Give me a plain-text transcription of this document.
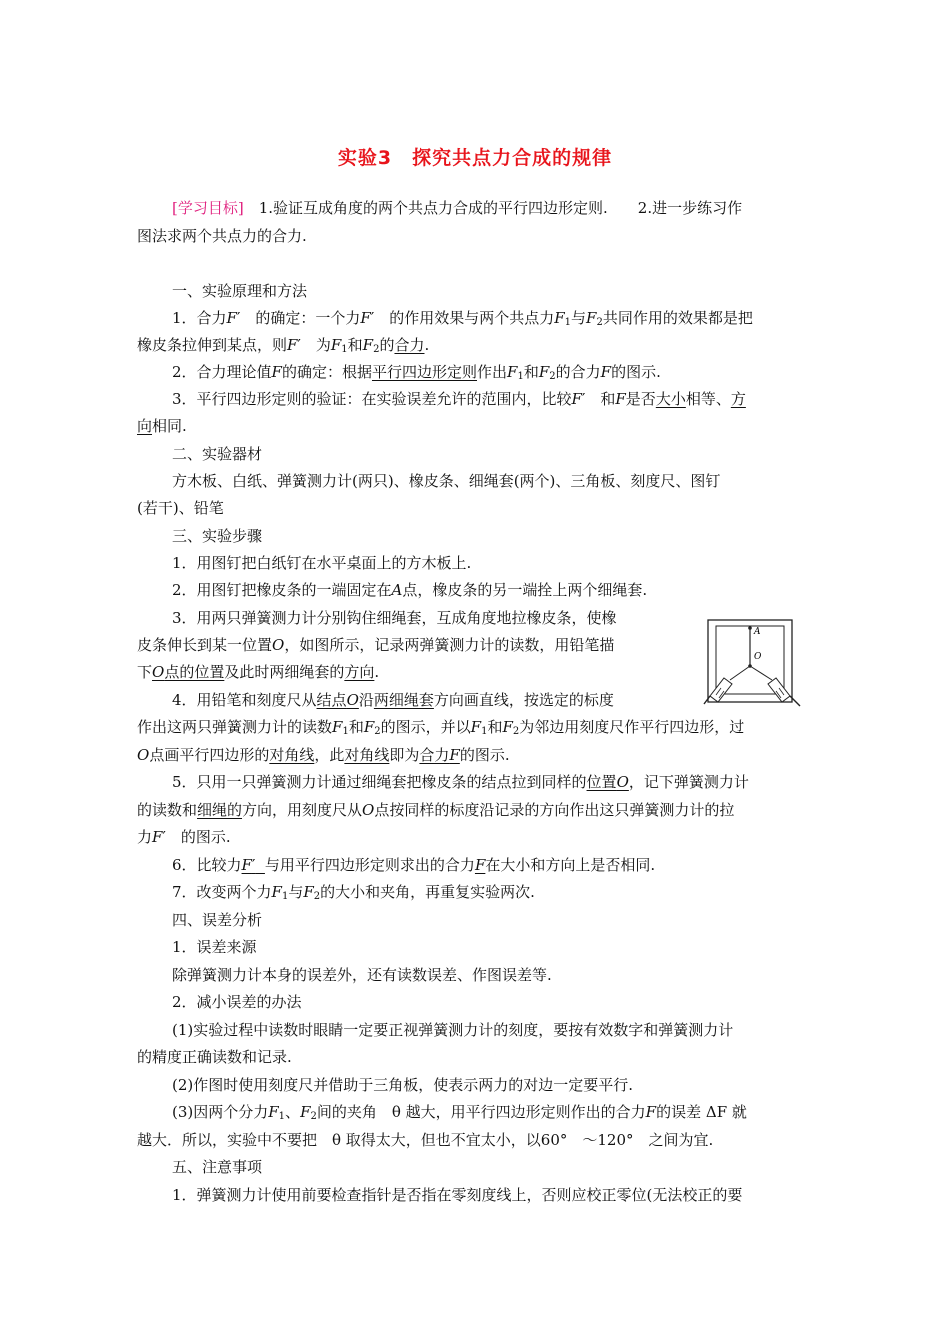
实验3　探究共点力合成的规律
[学习目标]　1.验证互成角度的两个共点力合成的平行四边形定则.　　2.进一步练习作
图法求两个共点力的合力.
一、实验原理和方法
1．合力F′　的确定：一个力F′　的作用效果与两个共点力$F_1$与$F_2$共同作用的效果都是把
橡皮条拉伸到某点，则F′　为$F_1$和$F_2$的合力.
2．合力理论值F的确定：根据平行四边形定则作出$F_1$和$F_2$的合力F的图示.
3．平行四边形定则的验证：在实验误差允许的范围内，比较F′　和F是否大小相等、方
向相同.
二、实验器材
方木板、白纸、弹簧测力计(两只)、橡皮条、细绳套(两个)、三角板、刻度尺、图钉
(若干)、铅笔
三、实验步骤
1．用图钉把白纸钉在水平桌面上的方木板上.
2．用图钉把橡皮条的一端固定在A点，橡皮条的另一端拴上两个细绳套.
3．用两只弹簧测力计分别钩住细绳套，互成角度地拉橡皮条，使橡
皮条伸长到某一位置O，如图所示，记录两弹簧测力计的读数，用铅笔描
下O点的位置及此时两细绳套的方向.
4．用铅笔和刻度尺从结点O沿两细绳套方向画直线，按选定的标度
作出这两只弹簧测力计的读数$F_1$和$F_2$的图示，并以$F_1$和$F_2$为邻边用刻度尺作平行四边形，过
O点画平行四边形的对角线，此对角线即为合力F的图示.
5．只用一只弹簧测力计通过细绳套把橡皮条的结点拉到同样的位置O，记下弹簧测力计
的读数和细绳的方向，用刻度尺从O点按同样的标度沿记录的方向作出这只弹簧测力计的拉
力F′　的图示.
6．比较力F′ 与用平行四边形定则求出的合力F在大小和方向上是否相同.
7．改变两个力$F_1$与$F_2$的大小和夹角，再重复实验两次.
四、误差分析
1．误差来源
除弹簧测力计本身的误差外，还有读数误差、作图误差等.
2．减小误差的办法
(1)实验过程中读数时眼睛一定要正视弹簧测力计的刻度，要按有效数字和弹簧测力计
的精度正确读数和记录.
(2)作图时使用刻度尺并借助于三角板，使表示两力的对边一定要平行.
(3)因两个分力$F_1$、$F_2$间的夹角　θ 越大，用平行四边形定则作出的合力F的误差 ΔF 就
越大．所以，实验中不要把　θ 取得太大，但也不宜太小，以60°　～120°　之间为宜.
五、注意事项
1．弹簧测力计使用前要检查指针是否指在零刻度线上，否则应校正零位(无法校正的要
A
O
